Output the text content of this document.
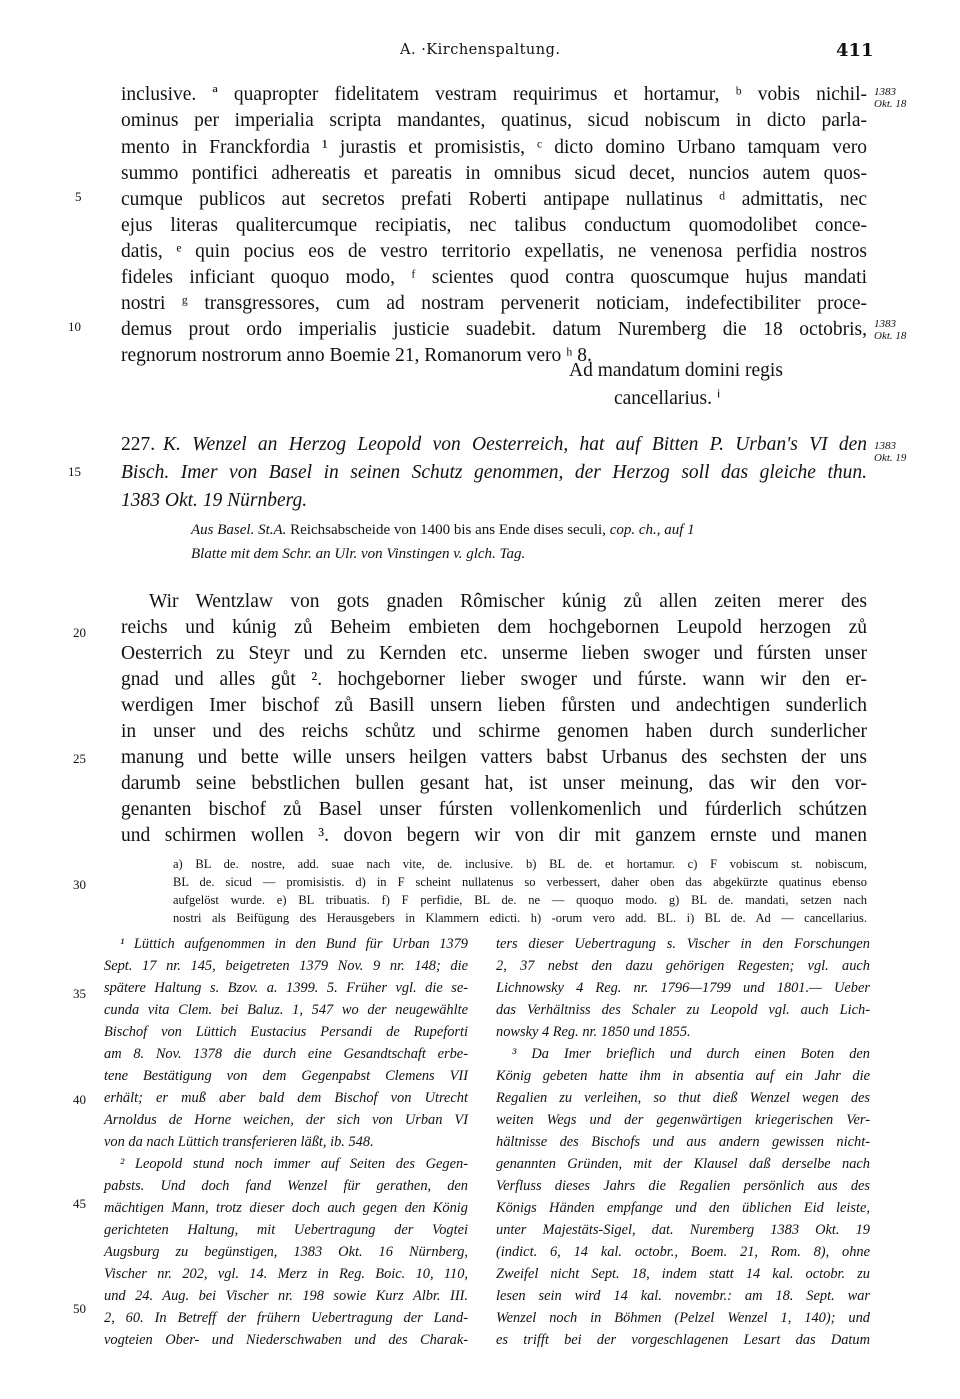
A. ·Kirchenspaltung.	411
inclusive. ª quapropter fidelitatem vestram requirimus et hortamur, ᵇ vobis nichil-
ominus per imperialia scripta mandantes, quatinus, sicud nobiscum in dicto parla-
mento in Franckfordia ¹ jurastis et promisistis, ᶜ dicto domino Urbano tamquam vero
summo pontifici adhereatis et pareatis in omnibus sicud decet, nuncios autem quos-
cumque publicos aut secretos prefati Roberti antipape nullatinus ᵈ admittatis, nec
ejus literas qualitercumque recipiatis, nec talibus conductum quomodolibet conce-
datis, ᵉ quin pocius eos de vestro territorio expellatis, ne venenosa perfidia nostros
fideles inficiant quoquo modo, ᶠ scientes quod contra quoscumque hujus mandati
nostri ᵍ transgressores, cum ad nostram pervenerit noticiam, indefectibiliter proce-
demus prout ordo imperialis justicie suadebit. datum Nuremberg die 18 octobris,
regnorum nostrorum anno Boemie 21, Romanorum vero ʰ 8.
Ad mandatum domini regis
cancellarius. ⁱ
1383
Okt. 18
1383
Okt. 18
1383
Okt. 19
5
10
15
20
25
30
35
40
45
50
227. K. Wenzel an Herzog Leopold von Oesterreich, hat auf Bitten P. Urban's VI den
Bisch. Imer von Basel in seinen Schutz genommen, der Herzog soll das gleiche thun.
1383 Okt. 19 Nürnberg.
Aus Basel. St.A. Reichsabscheide von 1400 bis ans Ende dises seculi, cop. ch., auf 1
Blatte mit dem Schr. an Ulr. von Vinstingen v. glch. Tag.
Wir Wentzlaw von gots gnaden Rômischer kúnig zů allen zeiten merer des
reichs und kúnig zů Beheim embieten dem hochgebornen Leupold herzogen zů
Oesterrich zu Steyr und zu Kernden etc. unserme lieben swoger und fúrsten unser
gnad und alles gůt ². hochgeborner lieber swoger und fúrste. wann wir den er-
werdigen Imer bischof zů Basill unsern lieben fůrsten und andechtigen sunderlich
in unser und des reichs schůtz und schirme genomen haben durch sunderlicher
manung und bette wille unsers heilgen vatters babst Urbanus des sechsten der uns
darumb seine bebstlichen bullen gesant hat, ist unser meinung, das wir den vor-
genanten bischof zů Basel unser fúrsten vollenkomenlich und fúrderlich schútzen
und schirmen wollen ³. dovon begern wir von dir mit ganzem ernste und manen
a) BL de. nostre, add. suae nach vite, de. inclusive. b) BL de. et hortamur. c) F vobiscum st. nobiscum,
BL de. sicud — promisistis. d) in F scheint nullatenus so verbessert, daher oben das abgekürzte quatinus ebenso
aufgelöst wurde. e) BL tribuatis. f) F perfidie, BL de. ne — quoquo modo. g) BL de. mandati, setzen nach
nostri als Beifügung des Herausgebers in Klammern edicti. h) -orum vero add. BL. i) BL de. Ad — cancellarius.
¹ Lüttich aufgenommen in den Bund für Urban 1379
Sept. 17 nr. 145, beigetreten 1379 Nov. 9 nr. 148; die
spätere Haltung s. Bzov. a. 1399. 5. Früher vgl. die se-
cunda vita Clem. bei Baluz. 1, 547 wo der neugewählte
Bischof von Lüttich Eustacius Persandi de Rupeforti
am 8. Nov. 1378 die durch eine Gesandtschaft erbe-
tene Bestätigung von dem Gegenpabst Clemens VII
erhält; er muß aber bald dem Bischof von Utrecht
Arnoldus de Horne weichen, der sich von Urban VI
von da nach Lüttich transferieren läßt, ib. 548.
² Leopold stund noch immer auf Seiten des Gegen-
pabsts. Und doch fand Wenzel für gerathen, den
mächtigen Mann, trotz dieser doch auch gegen den König
gerichteten Haltung, mit Uebertragung der Vogtei
Augsburg zu begünstigen, 1383 Okt. 16 Nürnberg,
Vischer nr. 202, vgl. 14. Merz in Reg. Boic. 10, 110,
und 24. Aug. bei Vischer nr. 198 sowie Kurz Albr. III.
2, 60. In Betreff der frühern Uebertragung der Land-
vogteien Ober- und Niederschwaben und des Charak-
ters dieser Uebertragung s. Vischer in den Forschungen
2, 37 nebst den dazu gehörigen Regesten; vgl. auch
Lichnowsky 4 Reg. nr. 1796—1799 und 1801.— Ueber
das Verhältniss des Schaler zu Leopold vgl. auch Lich-
nowsky 4 Reg. nr. 1850 und 1855.
³ Da Imer brieflich und durch einen Boten den
König gebeten hatte ihm in absentia auf ein Jahr die
Regalien zu verleihen, so thut dieß Wenzel wegen des
weiten Wegs und der gegenwärtigen kriegerischen Ver-
hältnisse des Bischofs und aus andern gewissen nicht-
genannten Gründen, mit der Klausel daß derselbe nach
Verfluss dieses Jahrs die Regalien persönlich aus des
Königs Händen empfange und den üblichen Eid leiste,
unter Majestäts-Sigel, dat. Nuremberg 1383 Okt. 19
(indict. 6, 14 kal. octobr., Boem. 21, Rom. 8), ohne
Zweifel nicht Sept. 18, indem statt 14 kal. octobr. zu
lesen sein wird 14 kal. novembr.: am 18. Sept. war
Wenzel noch in Böhmen (Pelzel Wenzel 1, 140); und
es trifft bei der vorgeschlagenen Lesart das Datum
